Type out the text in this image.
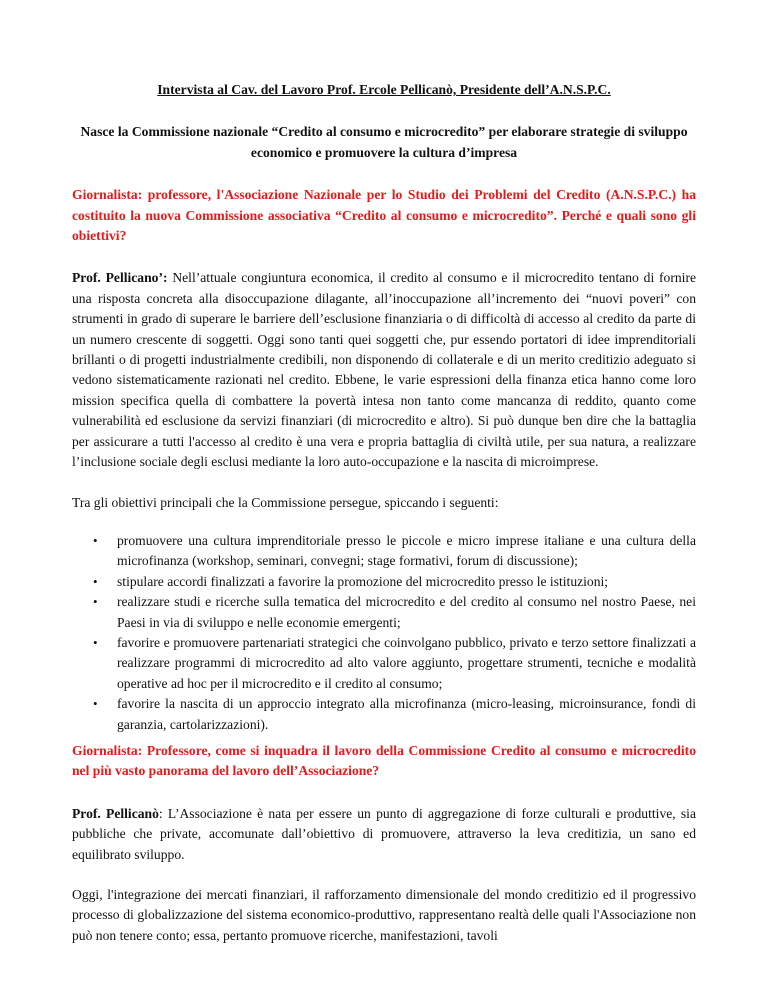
Intervista al Cav. del Lavoro Prof. Ercole Pellicanò, Presidente dell’A.N.S.P.C.

Nasce la Commissione nazionale “Credito al consumo e microcredito” per elaborare strategie di sviluppo economico e promuovere la cultura d’impresa

Giornalista: professore, l'Associazione Nazionale per lo Studio dei Problemi del Credito (A.N.S.P.C.) ha costituito la nuova Commissione associativa “Credito al consumo e microcredito”. Perché e quali sono gli obiettivi?

Prof. Pellicano’: Nell’attuale congiuntura economica, il credito al consumo e il microcredito tentano di fornire una risposta concreta alla disoccupazione dilagante, all’inoccupazione all’incremento dei “nuovi poveri” con strumenti in grado di superare le barriere dell’esclusione finanziaria o di difficoltà di accesso al credito da parte di un numero crescente di soggetti. Oggi sono tanti quei soggetti che, pur essendo portatori di idee imprenditoriali brillanti o di progetti industrialmente credibili, non disponendo di collaterale e di un merito creditizio adeguato si vedono sistematicamente razionati nel credito. Ebbene, le varie espressioni della finanza etica hanno come loro mission specifica quella di combattere la povertà intesa non tanto come mancanza di reddito, quanto come vulnerabilità ed esclusione da servizi finanziari (di microcredito e altro). Si può dunque ben dire che la battaglia per assicurare a tutti l'accesso al credito è una vera e propria battaglia di civiltà utile, per sua natura, a realizzare l’inclusione sociale degli esclusi mediante la loro auto-occupazione e la nascita di microimprese.

Tra gli obiettivi principali che la Commissione persegue, spiccando i seguenti:

• promuovere una cultura imprenditoriale presso le piccole e micro imprese italiane e una cultura della microfinanza (workshop, seminari, convegni; stage formativi, forum di discussione);
• stipulare accordi finalizzati a favorire la promozione del microcredito presso le istituzioni;
• realizzare studi e ricerche sulla tematica del microcredito e del credito al consumo nel nostro Paese, nei Paesi in via di sviluppo e nelle economie emergenti;
• favorire e promuovere partenariati strategici che coinvolgano pubblico, privato e terzo settore finalizzati a realizzare programmi di microcredito ad alto valore aggiunto, progettare strumenti, tecniche e modalità operative ad hoc per il microcredito e il credito al consumo;
• favorire la nascita di un approccio integrato alla microfinanza (micro-leasing, microinsurance, fondi di garanzia, cartolarizzazioni).

Giornalista: Professore, come si inquadra il lavoro della Commissione Credito al consumo e microcredito nel più vasto panorama del lavoro dell’Associazione?

Prof. Pellicanò: L’Associazione è nata per essere un punto di aggregazione di forze culturali e produttive, sia pubbliche che private, accomunate dall’obiettivo di promuovere, attraverso la leva creditizia, un sano ed equilibrato sviluppo.

Oggi, l'integrazione dei mercati finanziari, il rafforzamento dimensionale del mondo creditizio ed il progressivo processo di globalizzazione del sistema economico-produttivo, rappresentano realtà delle quali l'Associazione non può non tenere conto; essa, pertanto promuove ricerche, manifestazioni, tavoli
